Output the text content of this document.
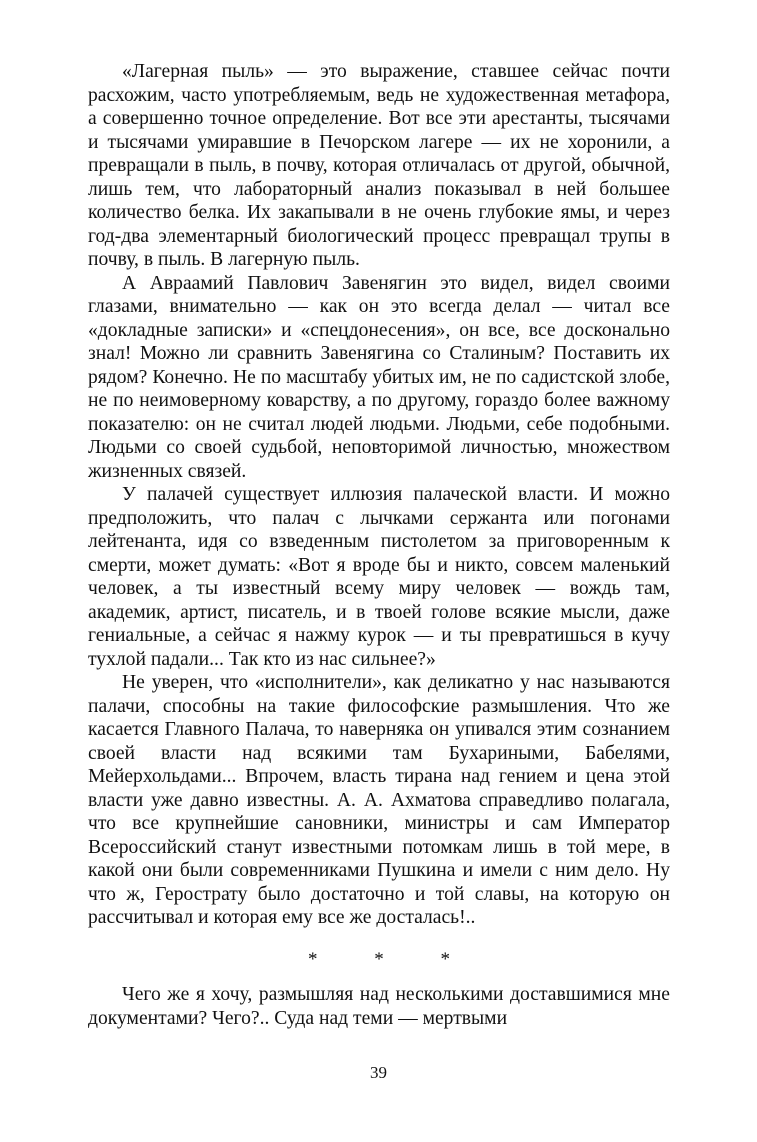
«Лагерная пыль» — это выражение, ставшее сейчас почти расхожим, часто употребляемым, ведь не художественная метафора, а совершенно точное определение. Вот все эти арестанты, тысячами и тысячами умиравшие в Печорском лагере — их не хоронили, а превращали в пыль, в почву, которая отличалась от другой, обычной, лишь тем, что лабораторный анализ показывал в ней большее количество белка. Их закапывали в не очень глубокие ямы, и через год-два элементарный биологический процесс превращал трупы в почву, в пыль. В лагерную пыль.

А Авраамий Павлович Завенягин это видел, видел своими глазами, внимательно — как он это всегда делал — читал все «докладные записки» и «спецдонесения», он все, все досконально знал! Можно ли сравнить Завенягина со Сталиным? Поставить их рядом? Конечно. Не по масштабу убитых им, не по садистской злобе, не по неимоверному коварству, а по другому, гораздо более важному показателю: он не считал людей людьми. Людьми, себе подобными. Людьми со своей судьбой, неповторимой личностью, множеством жизненных связей.

У палачей существует иллюзия палаческой власти. И можно предположить, что палач с лычками сержанта или погонами лейтенанта, идя со взведенным пистолетом за приговоренным к смерти, может думать: «Вот я вроде бы и никто, совсем маленький человек, а ты известный всему миру человек — вождь там, академик, артист, писатель, и в твоей голове всякие мысли, даже гениальные, а сейчас я нажму курок — и ты превратишься в кучу тухлой падали... Так кто из нас сильнее?»

Не уверен, что «исполнители», как деликатно у нас называются палачи, способны на такие философские размышления. Что же касается Главного Палача, то наверняка он упивался этим сознанием своей власти над всякими там Бухариными, Бабелями, Мейерхольдами... Впрочем, власть тирана над гением и цена этой власти уже давно известны. А. А. Ахматова справедливо полагала, что все крупнейшие сановники, министры и сам Император Всероссийский станут известными потомкам лишь в той мере, в какой они были современниками Пушкина и имели с ним дело. Ну что ж, Герострату было достаточно и той славы, на которую он рассчитывал и которая ему все же досталась!..

* * *

Чего же я хочу, размышляя над несколькими доставшимися мне документами? Чего?.. Суда над теми — мертвыми

39
